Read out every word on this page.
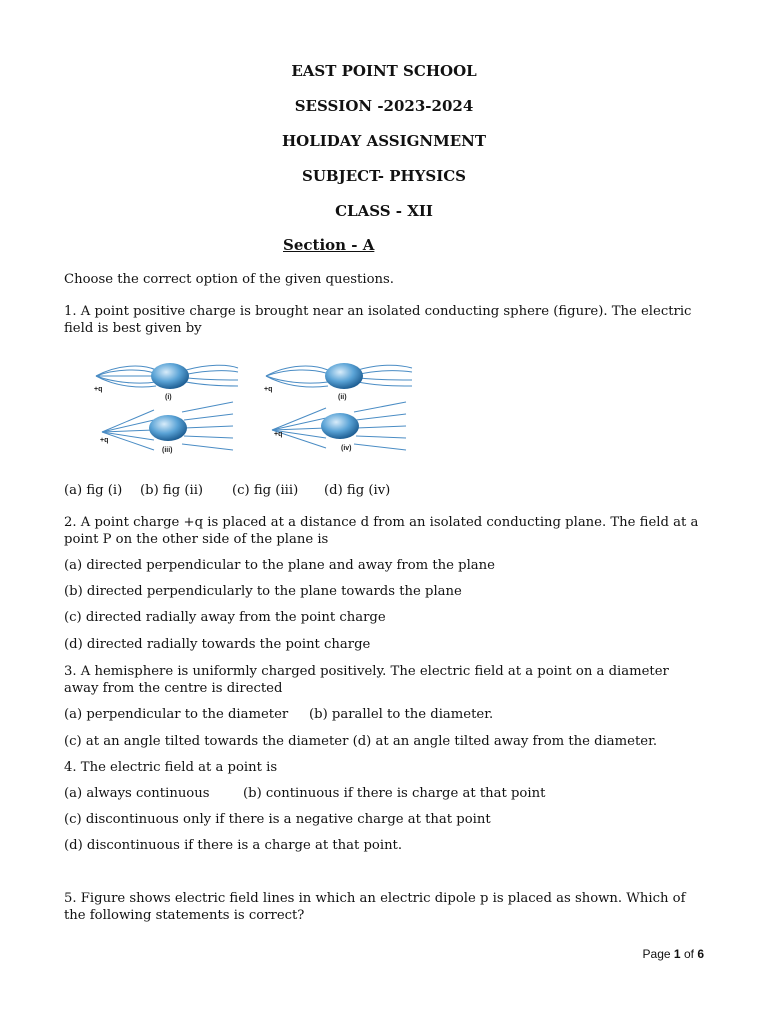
EAST POINT SCHOOL
SESSION -2023-2024
HOLIDAY ASSIGNMENT
SUBJECT- PHYSICS
CLASS - XII
Section - A
Choose the correct option of the given questions.
1. A point positive charge is brought near an isolated conducting sphere (figure). The electric field is best given by
+q
(i)
+q
(ii)
+q
(iii)
+q
(iv)
(a) fig (i) (b) fig (ii) (c) fig (iii) (d) fig (iv)
2. A point charge +q is placed at a distance d from an isolated conducting plane. The field at a point P on the other side of the plane is
(a) directed perpendicular to the plane and away from the plane
(b) directed perpendicularly to the plane towards the plane
(c) directed radially away from the point charge
(d) directed radially towards the point charge
3. A hemisphere is uniformly charged positively. The electric field at a point on a diameter away from the centre is directed
(a) perpendicular to the diameter (b) parallel to the diameter.
(c) at an angle tilted towards the diameter (d) at an angle tilted away from the diameter.
4. The electric field at a point is
(a) always continuous	(b) continuous if there is charge at that point
(c) discontinuous only if there is a negative charge at that point
(d) discontinuous if there is a charge at that point.
5. Figure shows electric field lines in which an electric dipole p is placed as shown. Which of the following statements is correct?
Page 1 of 6
